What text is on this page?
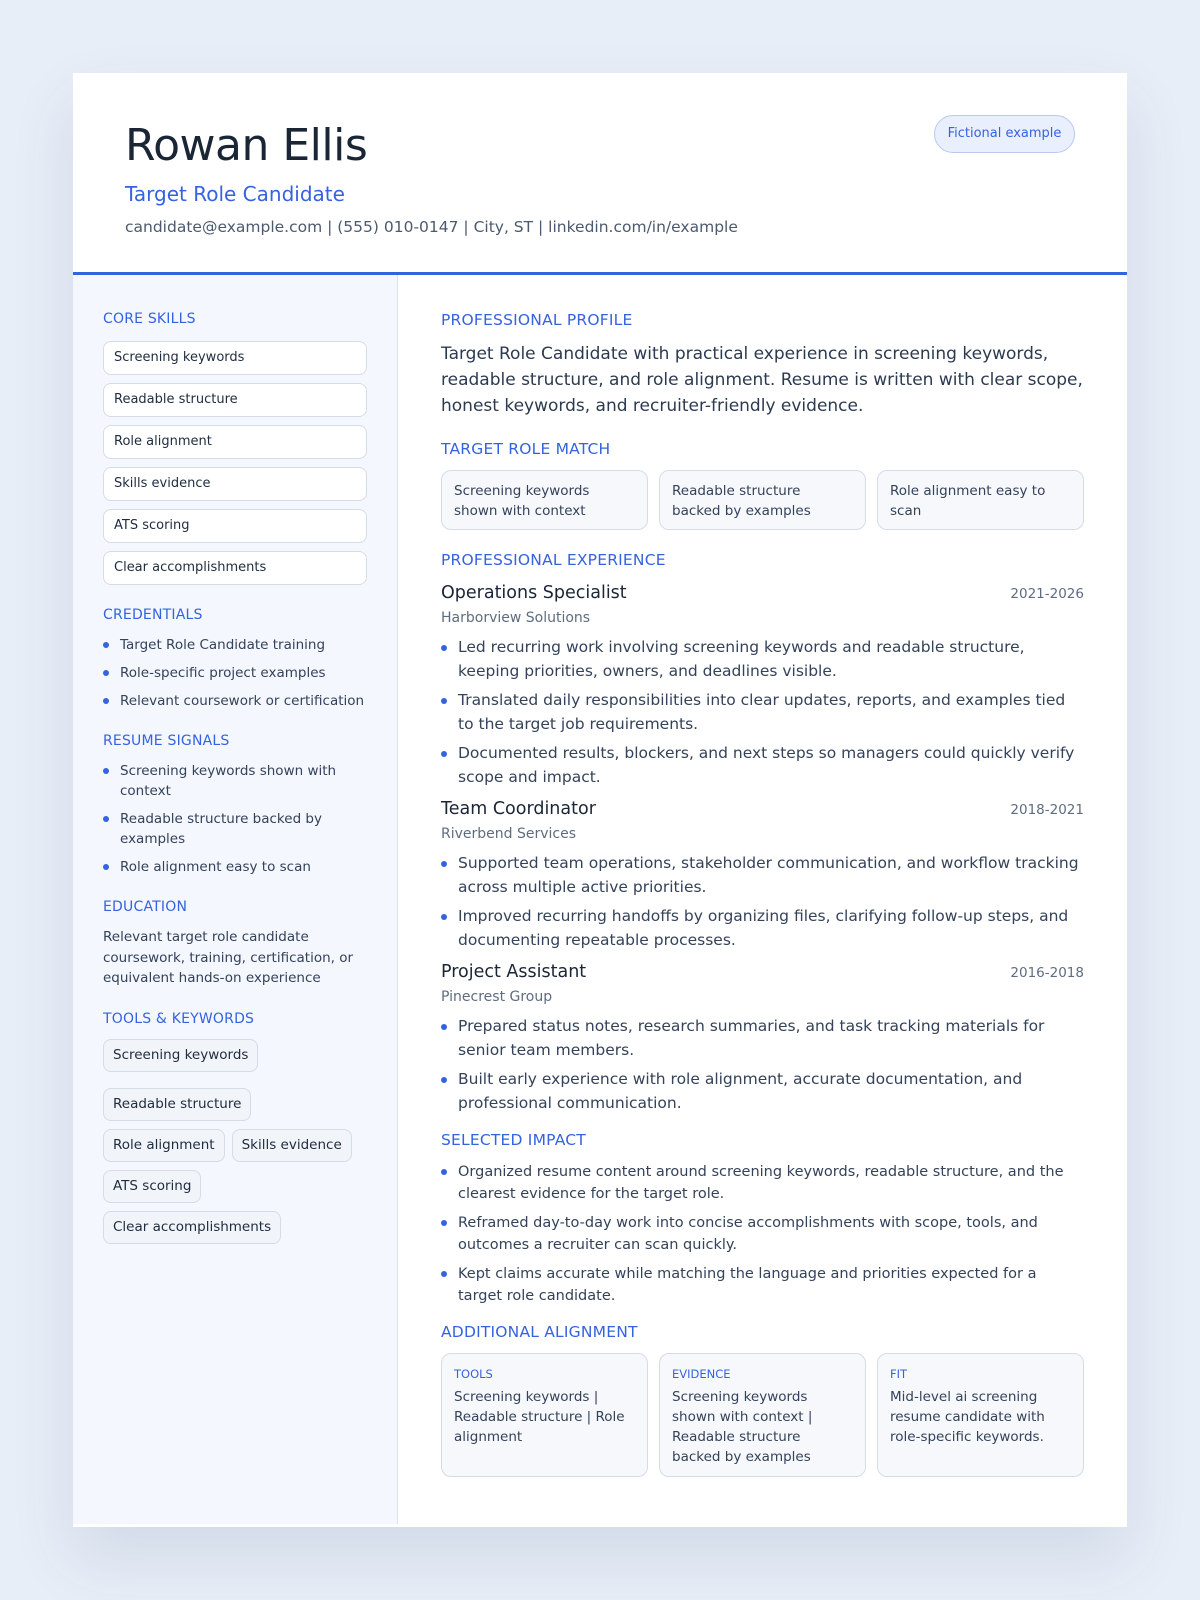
Rowan Ellis
Target Role Candidate
candidate@example.com | (555) 010-0147 | City, ST | linkedin.com/in/example
Fictional example
CORE SKILLS
Screening keywords
Readable structure
Role alignment
Skills evidence
ATS scoring
Clear accomplishments
CREDENTIALS
Target Role Candidate training
Role-specific project examples
Relevant coursework or certification
RESUME SIGNALS
Screening keywords shown with context
Readable structure backed by examples
Role alignment easy to scan
EDUCATION
Relevant target role candidate coursework, training, certification, or equivalent hands-on experience
TOOLS & KEYWORDS
Screening keywords
Readable structure
Role alignment	Skills evidence
ATS scoring
Clear accomplishments
PROFESSIONAL PROFILE
Target Role Candidate with practical experience in screening keywords, readable structure, and role alignment. Resume is written with clear scope, honest keywords, and recruiter-friendly evidence.
TARGET ROLE MATCH
Screening keywords shown with context
Readable structure backed by examples
Role alignment easy to scan
PROFESSIONAL EXPERIENCE
Operations Specialist	2021-2026
Harborview Solutions
Led recurring work involving screening keywords and readable structure, keeping priorities, owners, and deadlines visible.
Translated daily responsibilities into clear updates, reports, and examples tied to the target job requirements.
Documented results, blockers, and next steps so managers could quickly verify scope and impact.
Team Coordinator	2018-2021
Riverbend Services
Supported team operations, stakeholder communication, and workflow tracking across multiple active priorities.
Improved recurring handoffs by organizing files, clarifying follow-up steps, and documenting repeatable processes.
Project Assistant	2016-2018
Pinecrest Group
Prepared status notes, research summaries, and task tracking materials for senior team members.
Built early experience with role alignment, accurate documentation, and professional communication.
SELECTED IMPACT
Organized resume content around screening keywords, readable structure, and the clearest evidence for the target role.
Reframed day-to-day work into concise accomplishments with scope, tools, and outcomes a recruiter can scan quickly.
Kept claims accurate while matching the language and priorities expected for a target role candidate.
ADDITIONAL ALIGNMENT
TOOLS
Screening keywords | Readable structure | Role alignment
EVIDENCE
Screening keywords shown with context | Readable structure backed by examples
FIT
Mid-level ai screening resume candidate with role-specific keywords.
